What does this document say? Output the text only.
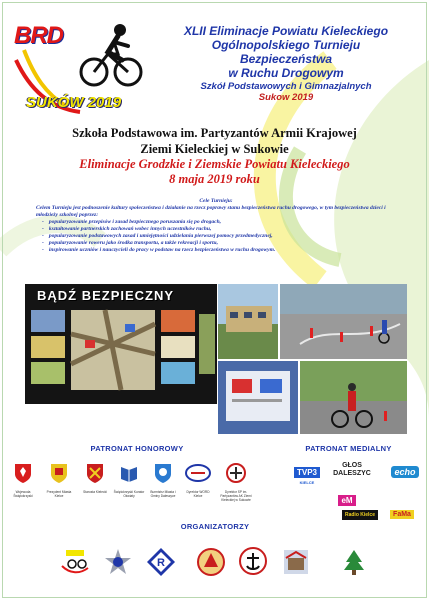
BRD
SUKÓW 2019
XLII Eliminacje Powiatu Kieleckiego
Ogólnopolskiego Turnieju
Bezpieczeństwa
w Ruchu Drogowym
Szkół Podstawowych i Gimnazjalnych
Sukow 2019
Szkoła Podstawowa im. Partyzantów Armii Krajowej
Ziemi Kieleckiej w Sukowie
Eliminacje Grodzkie i Ziemskie Powiatu Kieleckiego
8 maja 2019 roku
Cele Turnieju:
Celem Turnieju jest podnoszenie kultury społeczeństwa i działanie na rzecz poprawy stanu bezpieczeństwa ruchu drogowego, w tym bezpieczeństwa dzieci i młodzieży szkolnej poprzez:
- popularyzowanie przepisów i zasad bezpiecznego poruszania się po drogach,
- kształtowanie partnerskich zachowań wobec innych uczestników ruchu,
- popularyzowanie podstawowych zasad i umiejętności udzielania pierwszej pomocy przedmedycznej,
- popularyzowanie roweru jako środka transportu, a także rekreacji i sportu,
- inspirowanie uczniów i nauczycieli do pracy w podstaw na rzecz bezpieczeństwa w ruchu drogowym.
BĄDŹ BEZPIECZNY
PATRONAT HONOROWY	PATRONAT MEDIALNY
Wojewoda Świętokrzyski
Prezydent Miasta Kielce
Starosta Kielecki	Świętokrzyski Kurator Oświaty
Burmistrz Miasta i Gminy Daleszyce
Dyrektor WORD Kielce
Dyrektor SP im. Partyzantów AK Ziemi Kieleckiej w Sukowie
TVP3
KIELCE
GŁOS DALESZYC	echo
eM
Radio Kielce	FaMa
ORGANIZATORZY
R
